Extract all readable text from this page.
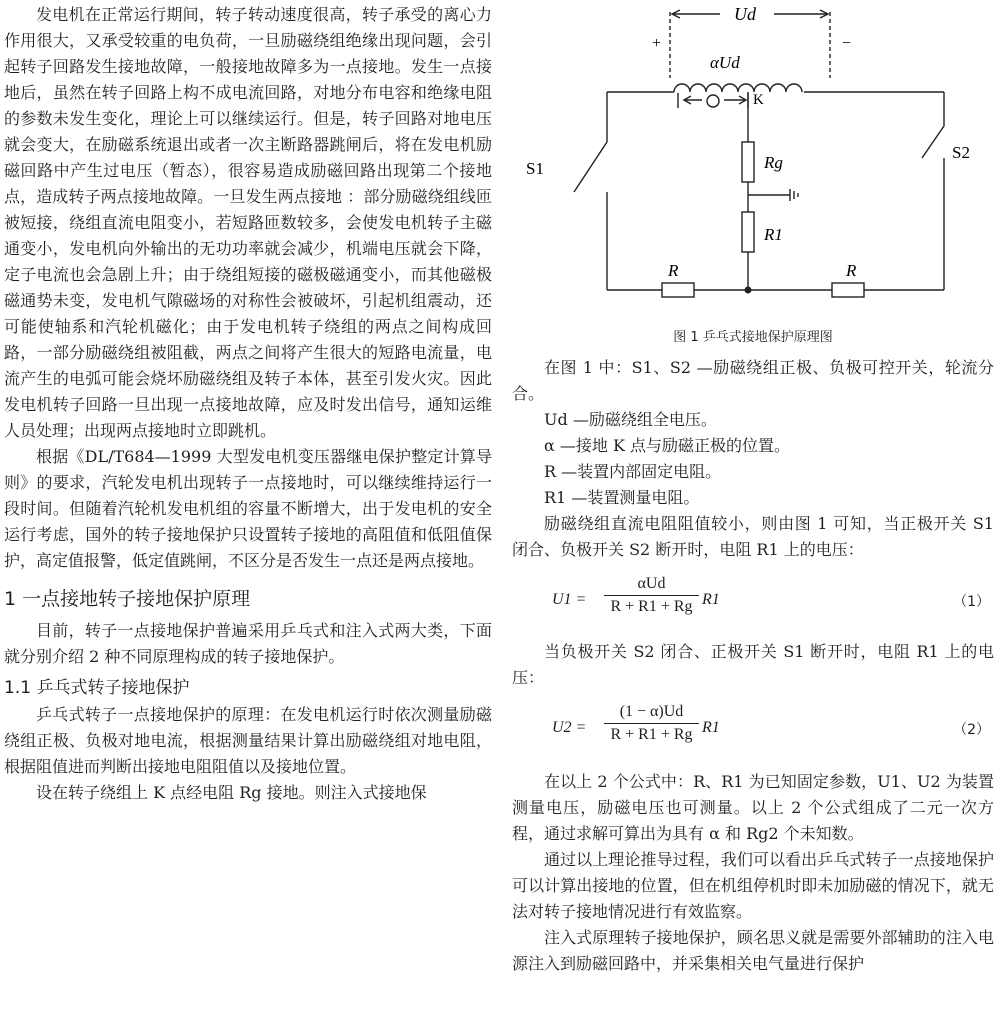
发电机在正常运行期间，转子转动速度很高，转子承受的离心力作用很大，又承受较重的电负荷，一旦励磁绕组绝缘出现问题，会引起转子回路发生接地故障，一般接地故障多为一点接地。发生一点接地后，虽然在转子回路上构不成电流回路，对地分布电容和绝缘电阻的参数未发生变化，理论上可以继续运行。但是，转子回路对地电压就会变大，在励磁系统退出或者一次主断路器跳闸后，将在发电机励磁回路中产生过电压（暂态），很容易造成励磁回路出现第二个接地点，造成转子两点接地故障。一旦发生两点接地 ：部分励磁绕组线匝被短接，绕组直流电阻变小，若短路匝数较多，会使发电机转子主磁通变小，发电机向外输出的无功功率就会减少，机端电压就会下降，定子电流也会急剧上升；由于绕组短接的磁极磁通变小，而其他磁极磁通势未变，发电机气隙磁场的对称性会被破坏，引起机组震动，还可能使轴系和汽轮机磁化；由于发电机转子绕组的两点之间构成回路，一部分励磁绕组被阻截，两点之间将产生很大的短路电流量，电流产生的电弧可能会烧坏励磁绕组及转子本体，甚至引发火灾。因此发电机转子回路一旦出现一点接地故障，应及时发出信号，通知运维人员处理；出现两点接地时立即跳机。

根据《DL/T684—1999 大型发电机变压器继电保护整定计算导则》的要求，汽轮发电机出现转子一点接地时，可以继续维持运行一段时间。但随着汽轮机发电机组的容量不断增大，出于发电机的安全运行考虑，国外的转子接地保护只设置转子接地的高阻值和低阻值保护，高定值报警，低定值跳闸，不区分是否发生一点还是两点接地。

1 一点接地转子接地保护原理

目前，转子一点接地保护普遍采用乒乓式和注入式两大类，下面就分别介绍 2 种不同原理构成的转子接地保护。

1.1 乒乓式转子接地保护

乒乓式转子一点接地保护的原理：在发电机运行时依次测量励磁绕组正极、负极对地电流，根据测量结果计算出励磁绕组对地电阻，根据阻值进而判断出接地电阻阻值以及接地位置。

设在转子绕组上 K 点经电阻 Rg 接地。则注入式接地保

Ud
+	−
αUd
K
Rg
R1
R	R
S1
S2
图 1 乒乓式接地保护原理图

在图 1 中：S1、S2 —励磁绕组正极、负极可控开关，轮流分合。

Ud —励磁绕组全电压。

α —接地 K 点与励磁正极的位置。

R —装置内部固定电阻。

R1 —装置测量电阻。

励磁绕组直流电阻阻值较小，则由图 1 可知，当正极开关 S1 闭合、负极开关 S2 断开时，电阻 R1 上的电压：

U1 =
αUd
R + R1 + Rg R1	（1）

当负极开关 S2 闭合、正极开关 S1 断开时，电阻 R1 上的电压：

$U2 = \frac{(1 - \alpha)Ud}{R + R1 + Rg} R1$	（2）

在以上 2 个公式中：R、R1 为已知固定参数，U1、U2 为装置测量电压，励磁电压也可测量。以上 2 个公式组成了二元一次方程，通过求解可算出为具有 α 和 Rg2 个未知数。

通过以上理论推导过程，我们可以看出乒乓式转子一点接地保护可以计算出接地的位置，但在机组停机时即未加励磁的情况下，就无法对转子接地情况进行有效监察。

注入式原理转子接地保护，顾名思义就是需要外部辅助的注入电源注入到励磁回路中，并采集相关电气量进行保护
